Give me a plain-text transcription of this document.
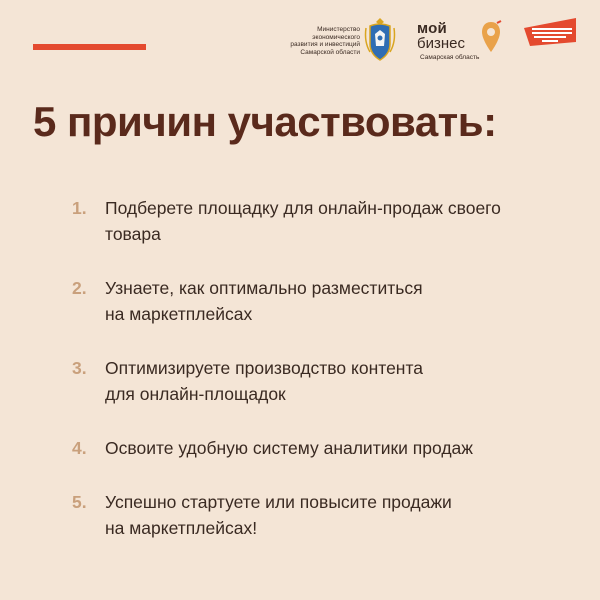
Министерство
экономического
развития и инвестиций
Самарской области
мой
бизнес
Самарская область
5 причин участвовать:
1. Подберете площадку для онлайн-продаж своего
товара
2. Узнаете, как оптимально разместиться
на маркетплейсах
3. Оптимизируете производство контента
для онлайн-площадок
4. Освоите удобную систему аналитики продаж
5. Успешно стартуете или повысите продажи
на маркетплейсах!
